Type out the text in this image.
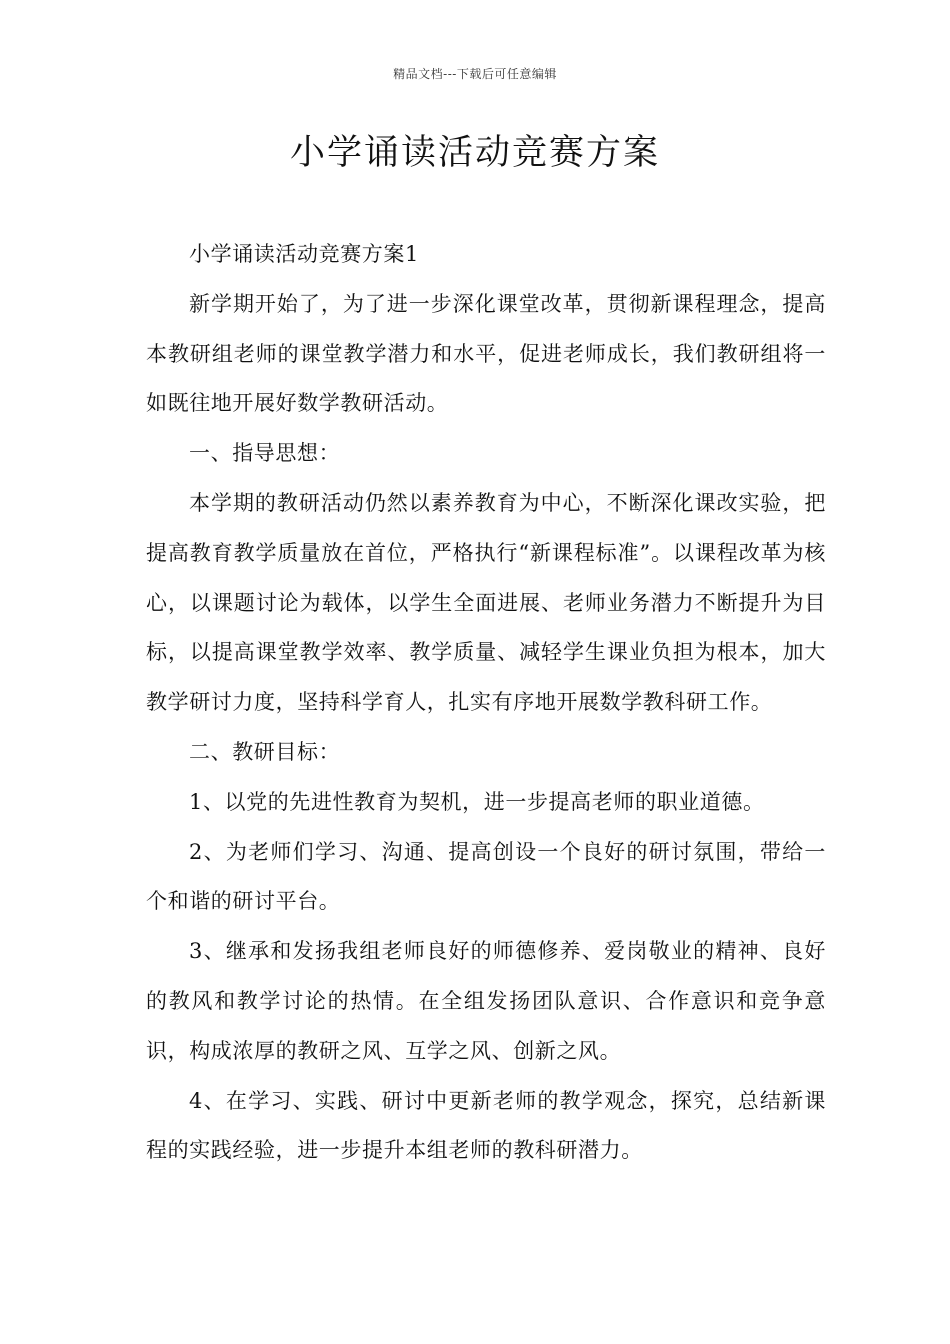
精品文档---下载后可任意编辑
小学诵读活动竞赛方案

小学诵读活动竞赛方案1

新学期开始了，为了进一步深化课堂改革，贯彻新课程理念，提高本教研组老师的课堂教学潜力和水平，促进老师成长，我们教研组将一如既往地开展好数学教研活动。

一、指导思想：

本学期的教研活动仍然以素养教育为中心，不断深化课改实验，把提高教育教学质量放在首位，严格执行“新课程标准”。以课程改革为核心，以课题讨论为载体，以学生全面进展、老师业务潜力不断提升为目标，以提高课堂教学效率、教学质量、减轻学生课业负担为根本，加大教学研讨力度，坚持科学育人，扎实有序地开展数学教科研工作。

二、教研目标：

1、以党的先进性教育为契机，进一步提高老师的职业道德。

2、为老师们学习、沟通、提高创设一个良好的研讨氛围，带给一个和谐的研讨平台。

3、继承和发扬我组老师良好的师德修养、爱岗敬业的精神、良好的教风和教学讨论的热情。在全组发扬团队意识、合作意识和竞争意识，构成浓厚的教研之风、互学之风、创新之风。

4、在学习、实践、研讨中更新老师的教学观念，探究，总结新课程的实践经验，进一步提升本组老师的教科研潜力。
